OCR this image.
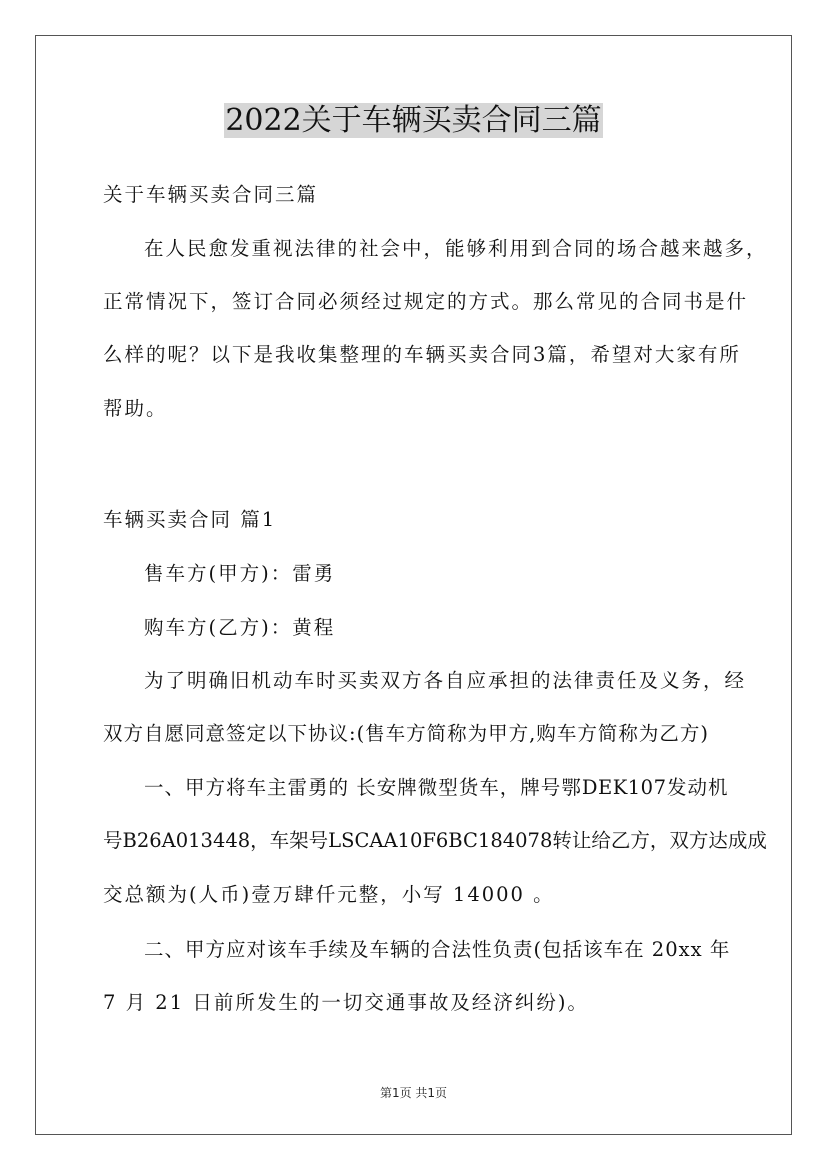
2022关于车辆买卖合同三篇
关于车辆买卖合同三篇
在人民愈发重视法律的社会中，能够利用到合同的场合越来越多，
正常情况下，签订合同必须经过规定的方式。那么常见的合同书是什
么样的呢？以下是我收集整理的车辆买卖合同3篇，希望对大家有所
帮助。
车辆买卖合同 篇1
售车方(甲方)：雷勇
购车方(乙方)：黄程
为了明确旧机动车时买卖双方各自应承担的法律责任及义务，经
双方自愿同意签定以下协议:(售车方简称为甲方,购车方简称为乙方)
一、甲方将车主雷勇的 长安牌微型货车，牌号鄂DEK107发动机
号B26A013448，车架号LSCAA10F6BC184078转让给乙方，双方达成成
交总额为(人币)壹万肆仟元整，小写 14000 。
二、甲方应对该车手续及车辆的合法性负责(包括该车在 20xx 年
7 月 21 日前所发生的一切交通事故及经济纠纷)。
第1页 共1页
